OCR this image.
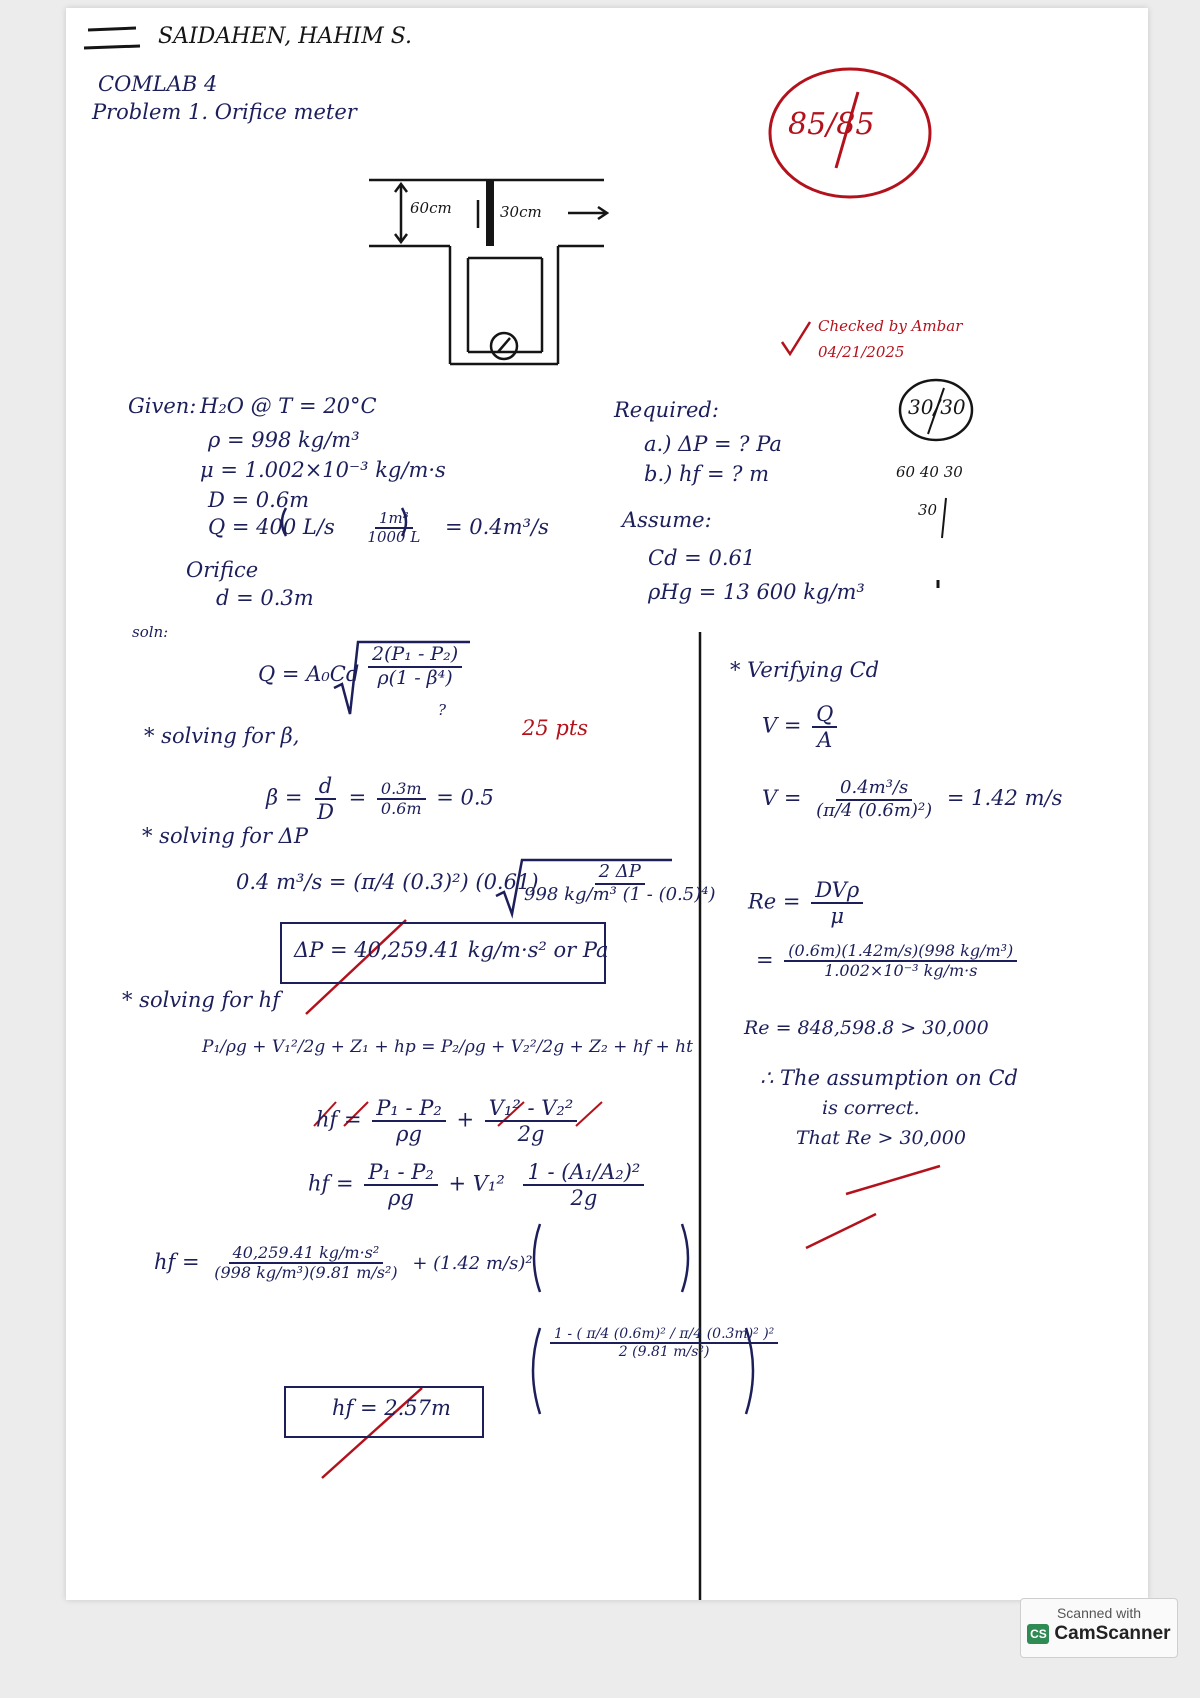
SAIDAHEN, HAHIM S.
COMLAB 4
Problem 1. Orifice meter
60cm	30cm
85/85
Checked by Ambar
04/21/2025
30/30
60 40 30
30
25 pts
Given: H₂O @ T = 20°C
ρ = 998 kg/m³
μ = 1.002×10⁻³ kg/m·s
D = 0.6m
Q = 400 $L/s \frac{\text{1m³}}{1000 L} = 0.4m^3/s$
Orifice
d = 0.3m
Required:
a.) ΔP = ? Pa
b.) hf = ? m
Assume:
Cd = 0.61
ρHg = 13 600 kg/m³
soln:
$Q = A_0Cd \frac{\text{2(P₁ - P₂)}}{\text{ρ(1 - β⁴)}}$
?
* solving for β,
$\beta = \frac{d}{D} = \frac{0.3m}{0.6m} = 0.5$
* solving for ΔP
0.4 m³/s = (π/4 (0.3)²) (0.61)
$\frac{2 \Delta P}{\text{998 kg/m³ (1 - (0.5)⁴)}}$
ΔP = 40,259.41 kg/m·s² or Pa
* solving for hf
P₁/ρg + V₁²/2g + Z₁ + hp = P₂/ρg + V₂²/2g + Z₂ + hf + ht
hf = $\frac{\text{P₁ - P₂}}{\rho g} + \frac{\text{V₁² - V₂²}}{2g}$
hf = $\frac{\text{P₁ - P₂}}{\rho g} + V_1^2 \frac{\text{1 - (A₁/A₂)²}}{2g}$
hf = $\frac{\text{40,259.41 kg/m·s²}}{\text{(998 kg/m³)(9.81 m/s²)}} + (1.42$ m/s)²
$\frac{\text{1 - ( π/4 (0.6m)² / π/4 (0.3m)² )²}}{\text{2 (9.81 m/s²)}}$
hf = 2.57m
* Verifying Cd
$V = \frac{Q}{A}$
$V = \frac{\text{0.4m³/s}}{\text{(π/4 (0.6m)²)}} = 1.42$ m/s
$Re = \frac{\text{DVρ}}{\mu}$
= $\frac{\text{(0.6m)(1.42m/s)(998 kg/m³)}}{\text{1.002×10⁻³ kg/m·s}}$
Re = 848,598.8 > 30,000
∴ The assumption on Cd
is correct.
That Re > 30,000
Scanned with
CS CamScanner
